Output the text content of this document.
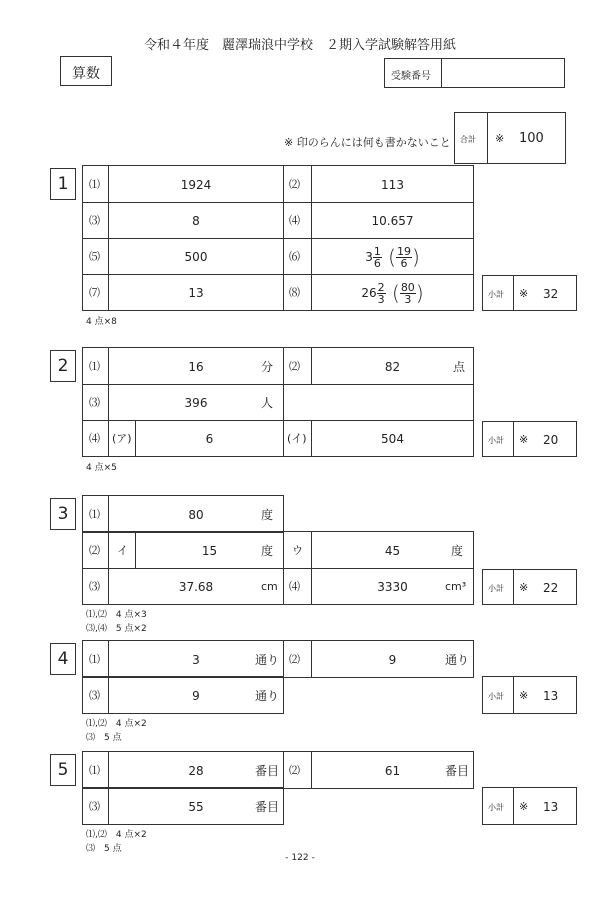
令和４年度　麗澤瑞浪中学校　２期入学試験解答用紙
算数	受験番号
※ 印のらんには何も書かないこと 合計 ※ 100
1	⑴	1924	⑵	113
⑶	8	⑷	10.657
⑸	500	⑹	$3 \frac{1}{6}$ ( $\frac{19}{6}$ )
⑺	13	⑻	$26 \frac{2}{3}$ ( $\frac{80}{3}$ )	小計 ※ 32
4 点×8
2	⑴	16	分 ⑵	82	点
⑶	396	人
⑷ (ア)	6	(イ)	504	小計 ※ 20
4 点×5
3	⑴	80	度
⑵ イ	15	度 ウ	45	度
⑶	37.68	cm ⑷	3330	cm³	小計 ※ 22
⑴,⑵　4 点×3
⑶,⑷　5 点×2
4	⑴	3	通り ⑵	9	通り
⑶	9	通り	小計 ※ 13
⑴,⑵　4 点×2
⑶　5 点
5	⑴	28	番目 ⑵	61	番目
⑶	55	番目	小計 ※ 13
⑴,⑵　4 点×2
⑶　5 点
- 122 -
